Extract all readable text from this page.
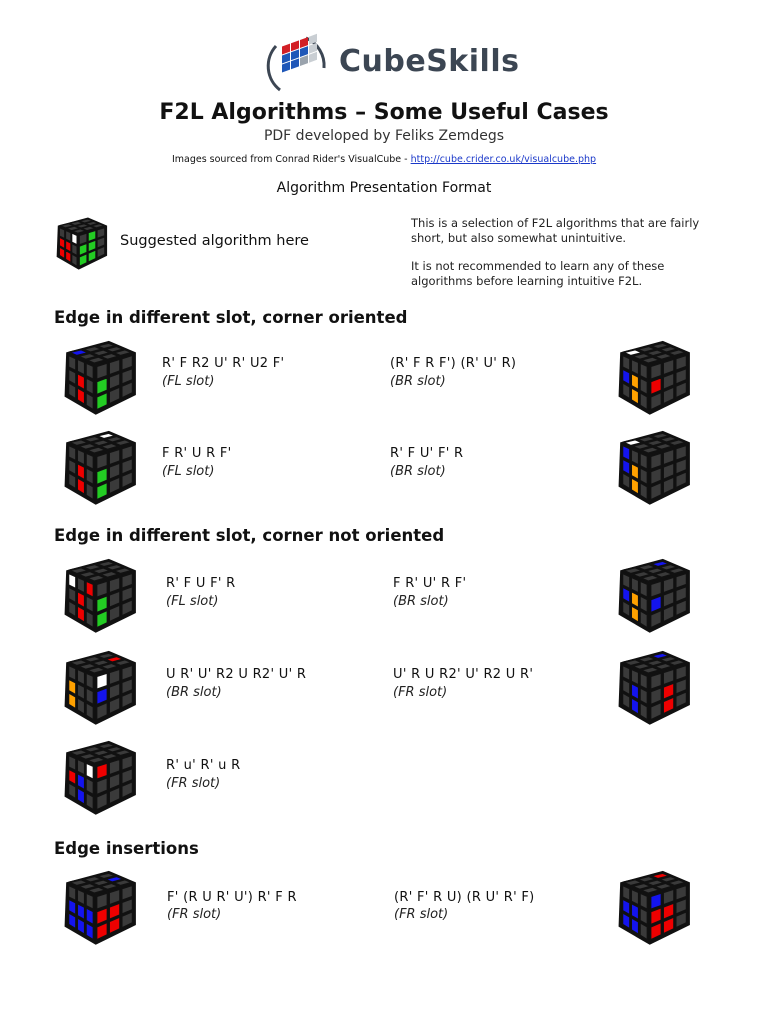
CubeSkills
F2L Algorithms – Some Useful Cases
PDF developed by Feliks Zemdegs
Images sourced from Conrad Rider's VisualCube - http://cube.crider.co.uk/visualcube.php
Algorithm Presentation Format
Suggested algorithm here

This is a selection of F2L algorithms that are fairly short, but also somewhat unintuitive.

It is not recommended to learn any of these algorithms before learning intuitive F2L.

Edge in different slot, corner oriented
Edge in different slot, corner not oriented
Edge insertions
R' F R2 U' R' U2 F'
(FL slot)
(R' F R F') (R' U' R)
(BR slot)
F R' U R F'
(FL slot)
R' F U' F' R
(BR slot)
R' F U F' R
(FL slot)
F R' U' R F'
(BR slot)
U R' U' R2 U R2' U' R
(BR slot)
U' R U R2' U' R2 U R'
(FR slot)
R' u' R' u R
(FR slot)
F' (R U R' U') R' F R
(FR slot)
(R' F' R U) (R U' R' F)
(FR slot)
